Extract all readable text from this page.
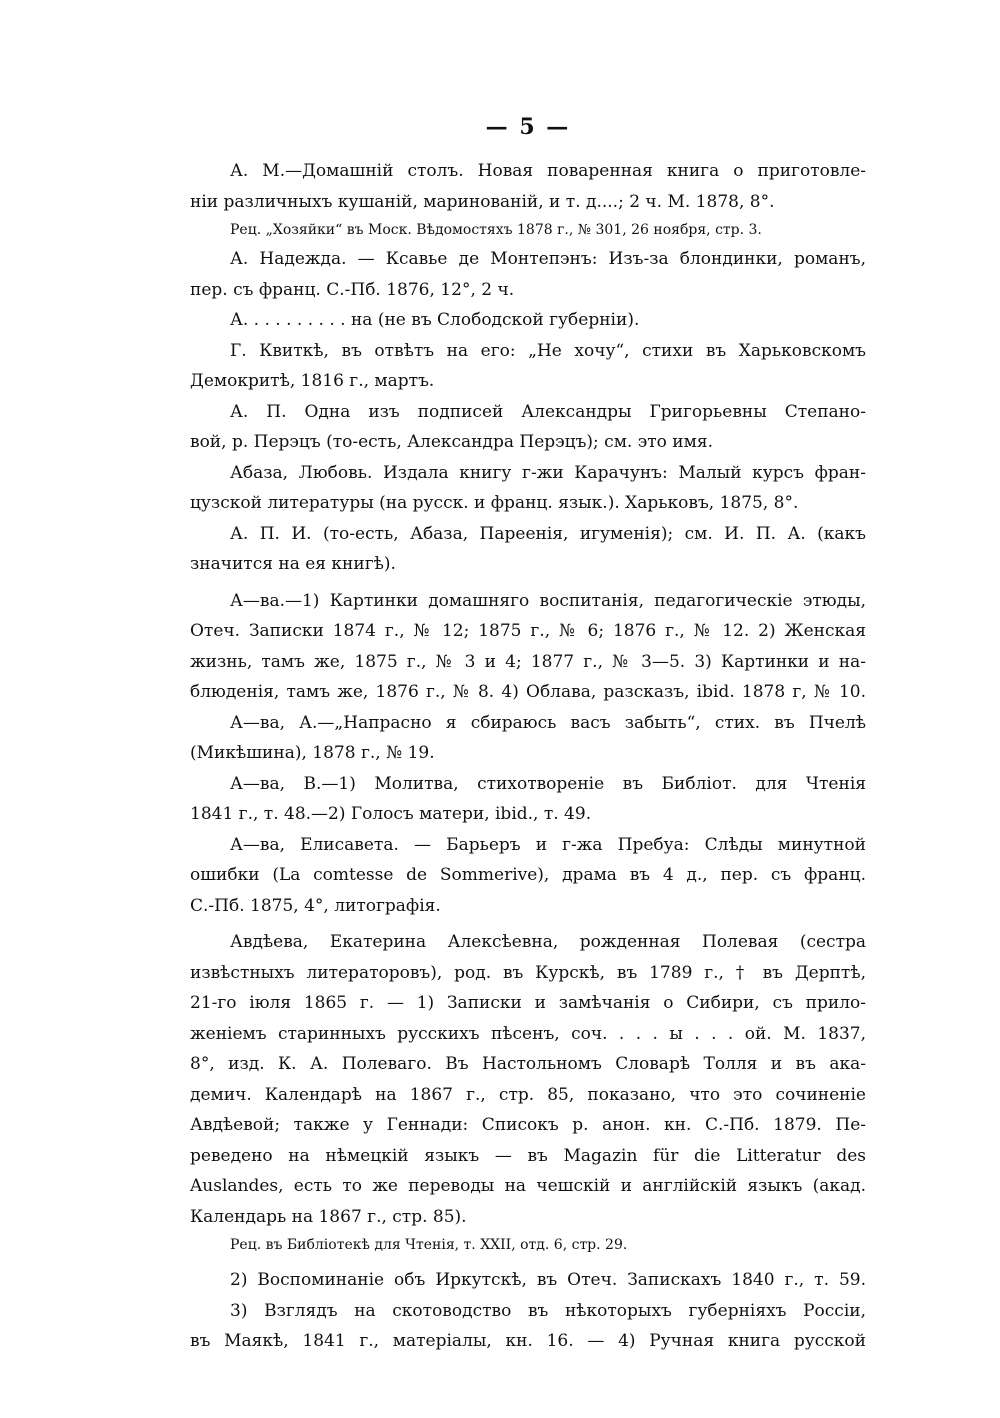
— 5 —
А. М.—Домашній столъ. Новая поваренная книга о приготовле-
ніи различныхъ кушаній, маринованій, и т. д....; 2 ч. М. 1878, 8°.
Рец. „Хозяйки“ въ Моск. Вѣдомостяхъ 1878 г., № 301, 26 ноября, стр. 3.
А. Надежда. — Ксавье де Монтепэнъ: Изъ-за блондинки, романъ,
пер. съ франц. С.-Пб. 1876, 12°, 2 ч.
А. . . . . . . . . . на (не въ Слободской губерніи).
Г. Квиткѣ, въ отвѣтъ на его: „Не хочу“, стихи въ Харьковскомъ
Демокритѣ, 1816 г., мартъ.
А. П. Одна изъ подписей Александры Григорьевны Степано-
вой, р. Перэцъ (то-есть, Александра Перэцъ); см. это имя.
Абаза, Любовь. Издала книгу г-жи Карачунъ: Малый курсъ фран-
цузской литературы (на русск. и франц. язык.). Харьковъ, 1875, 8°.
А. П. И. (то-есть, Абаза, Пареенія, игуменія); см. И. П. А. (какъ
значится на ея книгѣ).
А—ва.—1) Картинки домашняго воспитанія, педагогическіе этюды,
Отеч. Записки 1874 г., № 12; 1875 г., № 6; 1876 г., № 12. 2) Женская
жизнь, тамъ же, 1875 г., № 3 и 4; 1877 г., № 3—5. 3) Картинки и на-
блюденія, тамъ же, 1876 г., № 8. 4) Облава, разсказъ, ibid. 1878 г, № 10.
А—ва, А.—„Напрасно я сбираюсь васъ забыть“, стих. въ Пчелѣ
(Микѣшина), 1878 г., № 19.
А—ва, В.—1) Молитва, стихотвореніе въ Библіот. для Чтенія
1841 г., т. 48.—2) Голосъ матери, ibid., т. 49.
А—ва, Елисавета. — Барьеръ и г-жа Пребуа: Слѣды минутной
ошибки (La comtesse de Sommerive), драма въ 4 д., пер. съ франц.
С.-Пб. 1875, 4°, литографія.
Авдѣева, Екатерина Алексѣевна, рожденная Полевая (сестра
извѣстныхъ литераторовъ), род. въ Курскѣ, въ 1789 г., † въ Дерптѣ,
21-го іюля 1865 г. — 1) Записки и замѣчанія о Сибири, съ прило-
женіемъ старинныхъ русскихъ пѣсенъ, соч. . . . ы . . . ой. М. 1837,
8°, изд. К. А. Полеваго. Въ Настольномъ Словарѣ Толля и въ ака-
демич. Календарѣ на 1867 г., стр. 85, показано, что это сочиненіе
Авдѣевой; также у Геннади: Списокъ р. анон. кн. С.-Пб. 1879. Пе-
реведено на нѣмецкій языкъ — въ Magazin für die Litteratur des
Auslandes, есть то же переводы на чешскій и англійскій языкъ (акад.
Календарь на 1867 г., стр. 85).
Рец. въ Библіотекѣ для Чтенія, т. XXII, отд. 6, стр. 29.
2) Воспоминаніе объ Иркутскѣ, въ Отеч. Запискахъ 1840 г., т. 59.
3) Взглядъ на скотоводство въ нѣкоторыхъ губерніяхъ Россіи,
въ Маякѣ, 1841 г., матеріалы, кн. 16. — 4) Ручная книга русской
